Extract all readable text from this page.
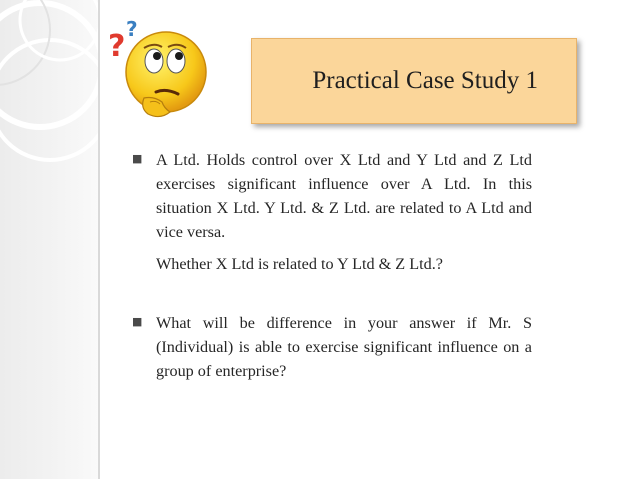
? ?
Practical Case Study 1
■ A Ltd. Holds control over X Ltd and Y Ltd and Z Ltd exercises significant influence over A Ltd. In this situation X Ltd. Y Ltd. & Z Ltd. are related to A Ltd and vice versa.
Whether X Ltd is related to Y Ltd & Z Ltd.?
■ What will be difference in your answer if Mr. S (Individual) is able to exercise significant influence on a group of enterprise?
